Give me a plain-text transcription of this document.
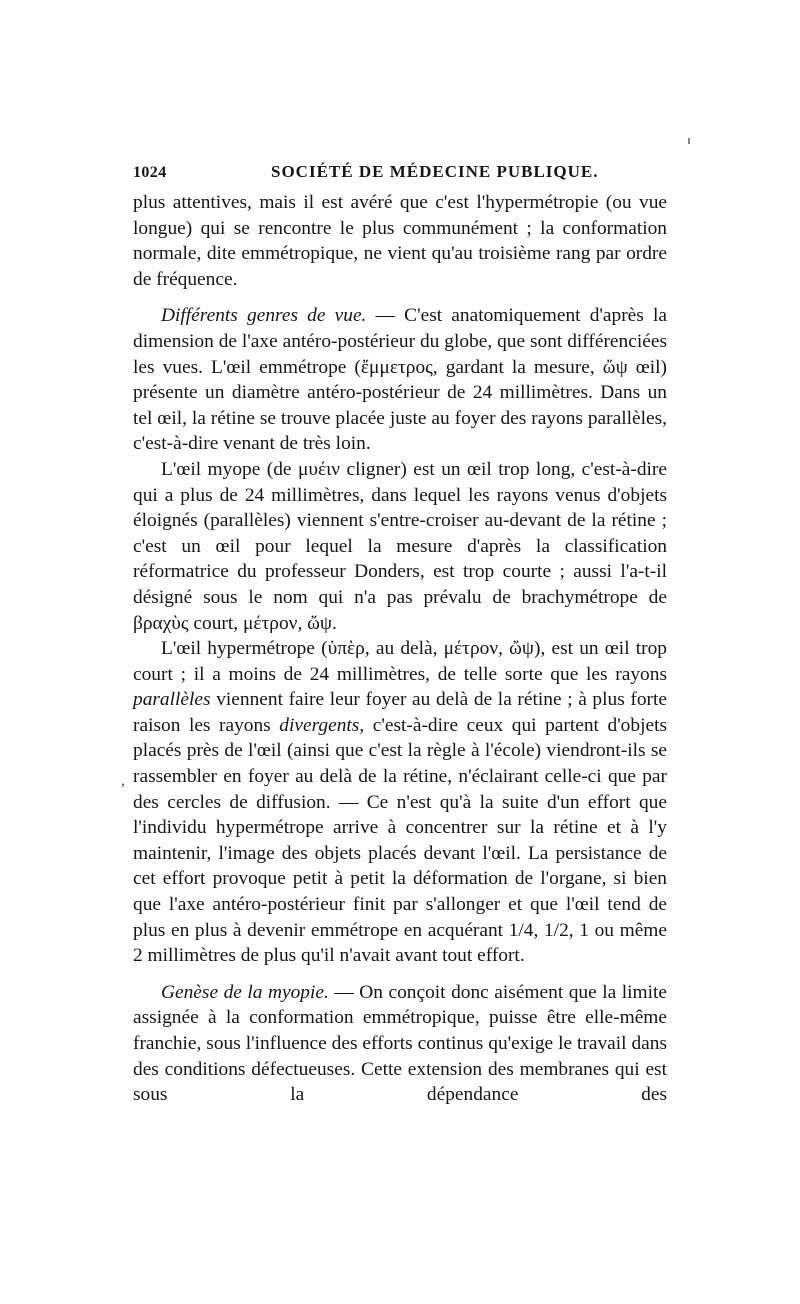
,
1024	SOCIÉTÉ DE MÉDECINE PUBLIQUE.

plus attentives, mais il est avéré que c'est l'hypermétropie (ou vue longue) qui se rencontre le plus communément ; la conformation normale, dite emmétropique, ne vient qu'au troisième rang par ordre de fréquence.

Différents genres de vue. — C'est anatomiquement d'après la dimension de l'axe antéro-postérieur du globe, que sont différenciées les vues. L'œil emmétrope (ἔμμετρος, gardant la mesure, ὤψ œil) présente un diamètre antéro-postérieur de 24 millimètres. Dans un tel œil, la rétine se trouve placée juste au foyer des rayons parallèles, c'est-à-dire venant de très loin.

L'œil myope (de μυέιν cligner) est un œil trop long, c'est-à-dire qui a plus de 24 millimètres, dans lequel les rayons venus d'objets éloignés (parallèles) viennent s'entre-croiser au-devant de la rétine ; c'est un œil pour lequel la mesure d'après la classification réformatrice du professeur Donders, est trop courte ; aussi l'a-t-il désigné sous le nom qui n'a pas prévalu de brachymétrope de βραχὺς court, μέτρον, ὤψ.

L'œil hypermétrope (ὑπὲρ, au delà, μέτρον, ὤψ), est un œil trop court ; il a moins de 24 millimètres, de telle sorte que les rayons parallèles viennent faire leur foyer au delà de la rétine ; à plus forte raison les rayons divergents, c'est-à-dire ceux qui partent d'objets placés près de l'œil (ainsi que c'est la règle à l'école) viendront-ils se rassembler en foyer au delà de la rétine, n'éclairant celle-ci que par des cercles de diffusion. — Ce n'est qu'à la suite d'un effort que l'individu hypermétrope arrive à concentrer sur la rétine et à l'y maintenir, l'image des objets placés devant l'œil. La persistance de cet effort provoque petit à petit la déformation de l'organe, si bien que l'axe antéro-postérieur finit par s'allonger et que l'œil tend de plus en plus à devenir emmétrope en acquérant 1/4, 1/2, 1 ou même 2 millimètres de plus qu'il n'avait avant tout effort.

Genèse de la myopie. — On conçoit donc aisément que la limite assignée à la conformation emmétropique, puisse être elle-même franchie, sous l'influence des efforts continus qu'exige le travail dans des conditions défectueuses. Cette extension des membranes qui est sous la dépendance des
